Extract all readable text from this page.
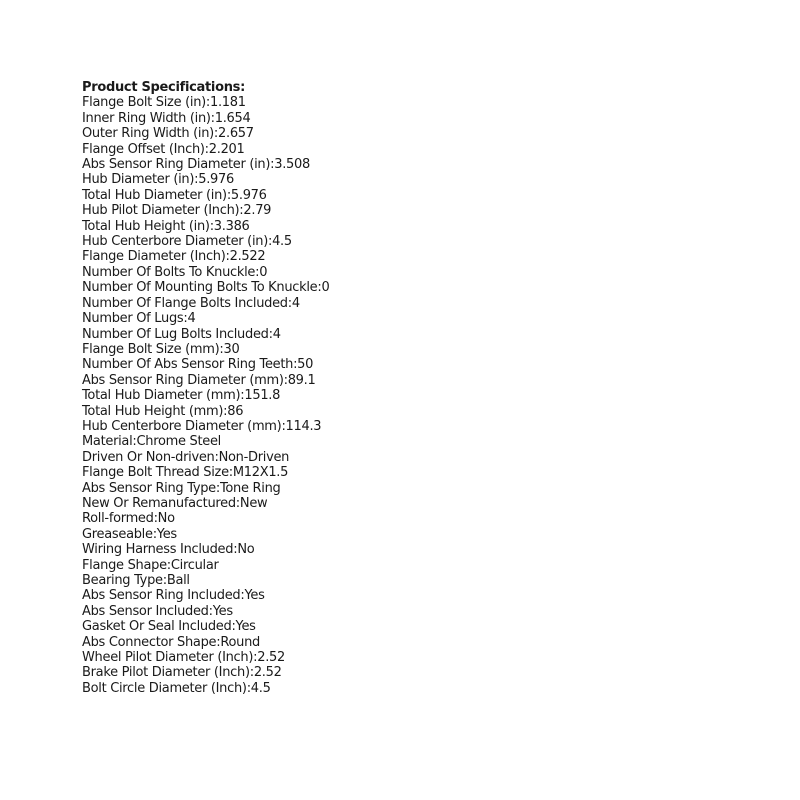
Product Specifications:
Flange Bolt Size (in):1.181
Inner Ring Width (in):1.654
Outer Ring Width (in):2.657
Flange Offset (Inch):2.201
Abs Sensor Ring Diameter (in):3.508
Hub Diameter (in):5.976
Total Hub Diameter (in):5.976
Hub Pilot Diameter (Inch):2.79
Total Hub Height (in):3.386
Hub Centerbore Diameter (in):4.5
Flange Diameter (Inch):2.522
Number Of Bolts To Knuckle:0
Number Of Mounting Bolts To Knuckle:0
Number Of Flange Bolts Included:4
Number Of Lugs:4
Number Of Lug Bolts Included:4
Flange Bolt Size (mm):30
Number Of Abs Sensor Ring Teeth:50
Abs Sensor Ring Diameter (mm):89.1
Total Hub Diameter (mm):151.8
Total Hub Height (mm):86
Hub Centerbore Diameter (mm):114.3
Material:Chrome Steel
Driven Or Non-driven:Non-Driven
Flange Bolt Thread Size:M12X1.5
Abs Sensor Ring Type:Tone Ring
New Or Remanufactured:New
Roll-formed:No
Greaseable:Yes
Wiring Harness Included:No
Flange Shape:Circular
Bearing Type:Ball
Abs Sensor Ring Included:Yes
Abs Sensor Included:Yes
Gasket Or Seal Included:Yes
Abs Connector Shape:Round
Wheel Pilot Diameter (Inch):2.52
Brake Pilot Diameter (Inch):2.52
Bolt Circle Diameter (Inch):4.5
